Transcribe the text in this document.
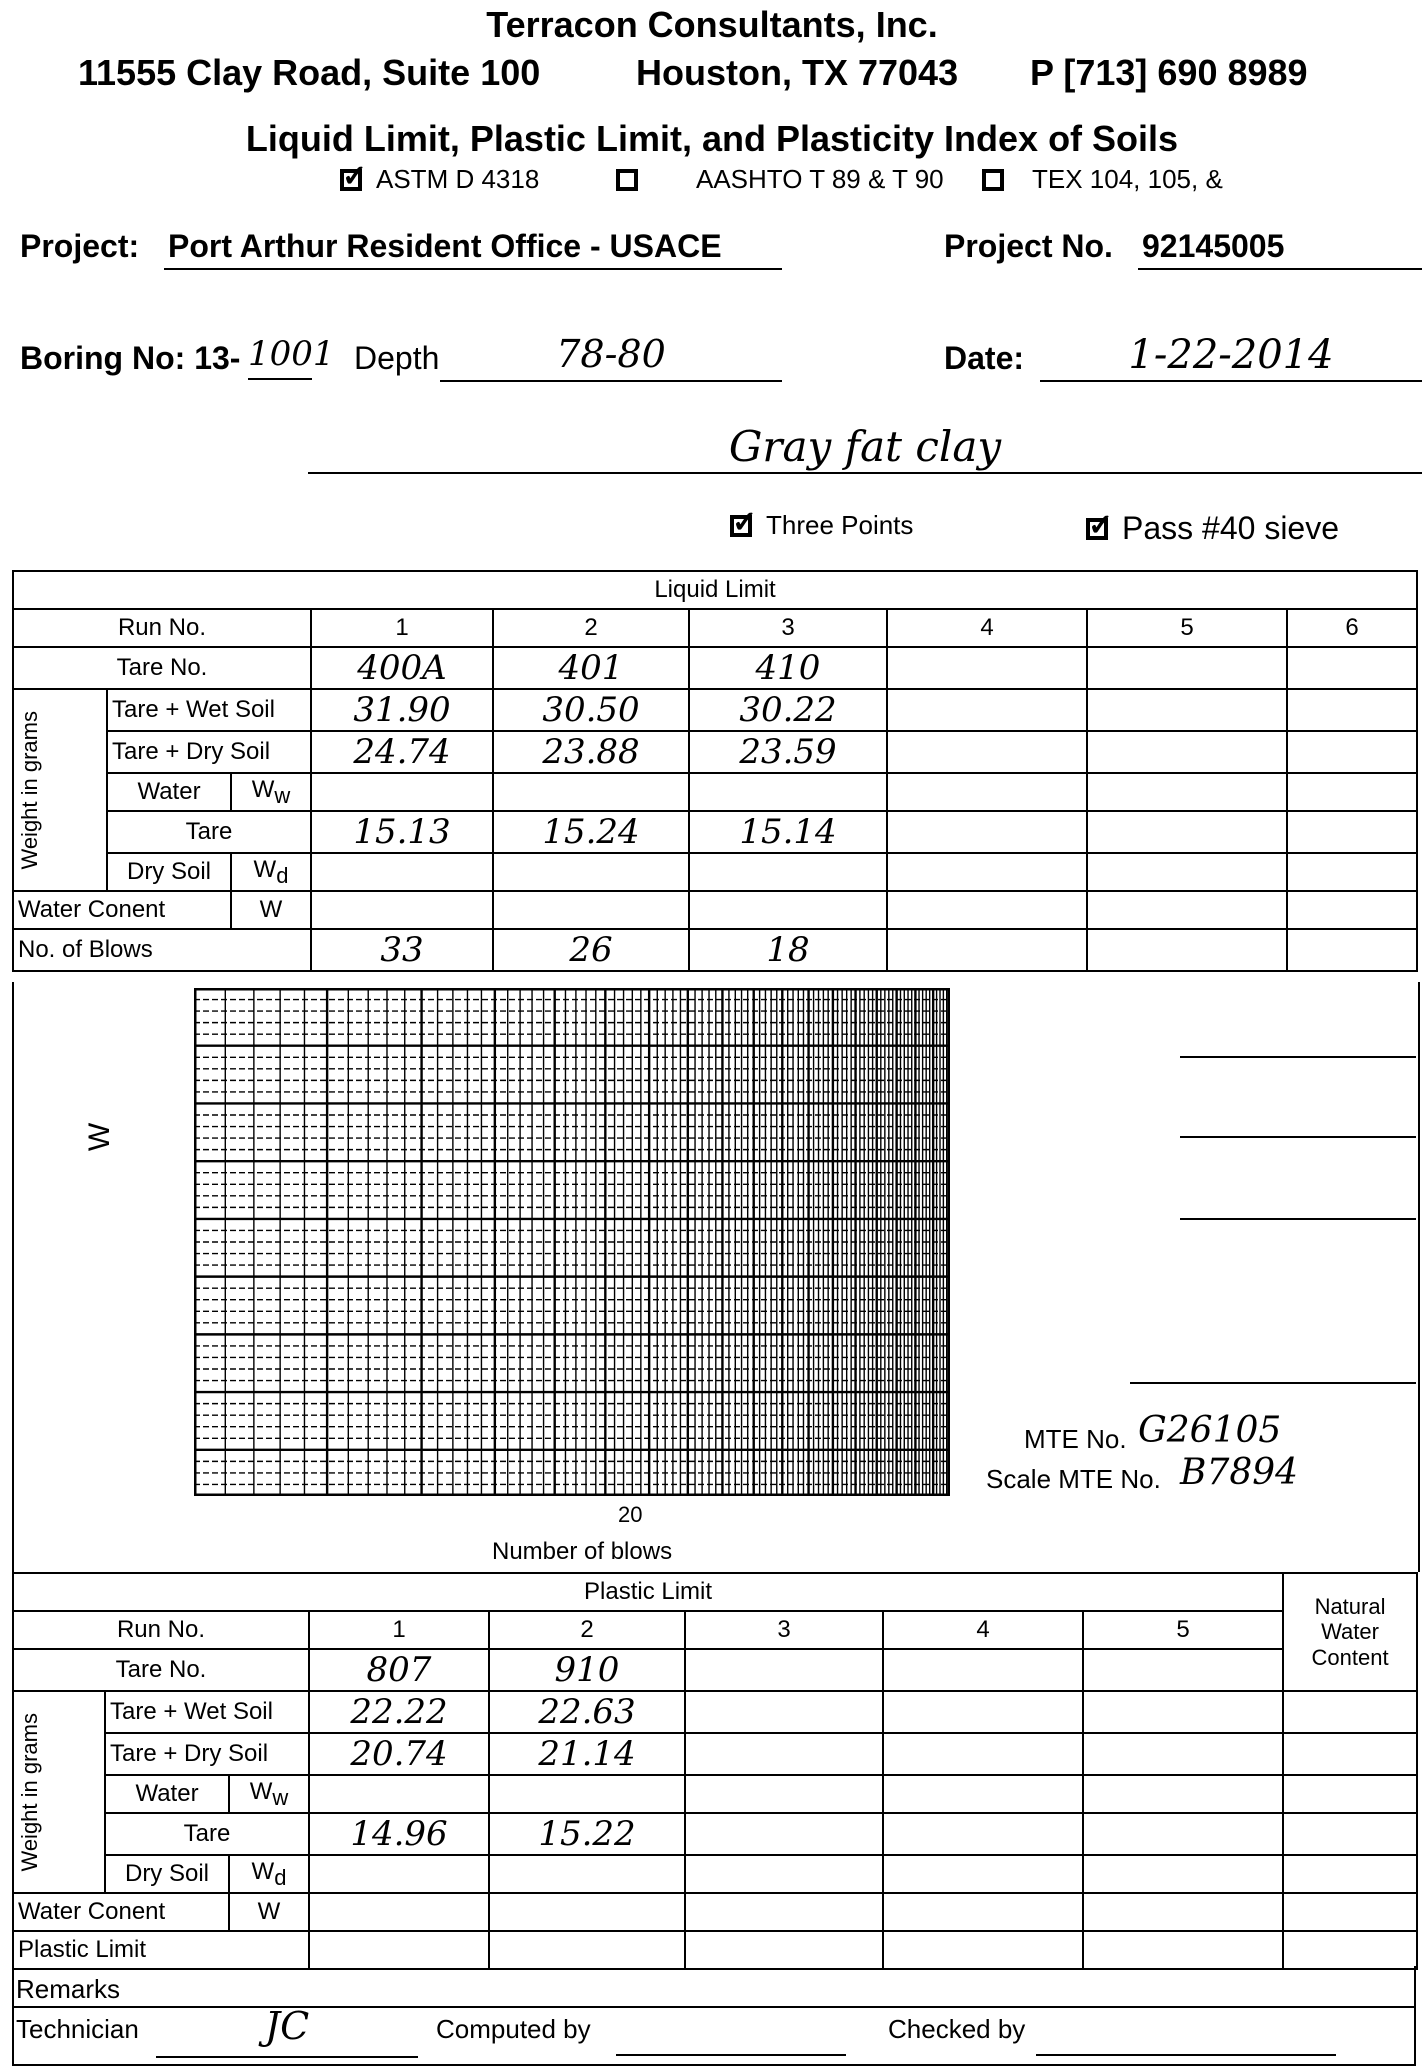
Terracon Consultants, Inc.
11555 Clay Road, Suite 100	Houston, TX 77043 P [713] 690 8989
Liquid Limit, Plastic Limit, and Plasticity Index of Soils
✓
ASTM D 4318	AASHTO T 89 & T 90	TEX 104, 105, &
Project: Port Arthur Resident Office - USACE	Project No. 92145005
Boring No: 13- 1001 Depth	78-80	Date:	1-22-2014
Gray fat clay
✓
Three Points ✓	Pass #40 sieve
Liquid Limit								
Run No.			1	2	3	4	5	6
Tare No.			400A	401	410			

Weight in grams	Tare + Wet Soil		31.90	30.50	30.22			
	Tare + Dry Soil		24.74	23.88	23.59			
	Water	$W_w$						
	Tare		15.13	15.24	15.14			
	Dry Soil	$W_d$						
Water Conent		W						
No. of Blows			33	26	18			
W
20
Number of blows
MTE No. G26105
Scale MTE No. B7894
Plastic Limit								Natural Water Content
Run No.			1	2	3	4	5	
Tare No.			807	910				

Weight in grams	Tare + Wet Soil		22.22	22.63				
	Tare + Dry Soil		20.74	21.14				
	Water	$W_w$						
	Tare		14.96	15.22				
	Dry Soil	$W_d$						
Water Conent		W						
Plastic Limit								
Remarks
Technician	JC	Computed by	Checked by
